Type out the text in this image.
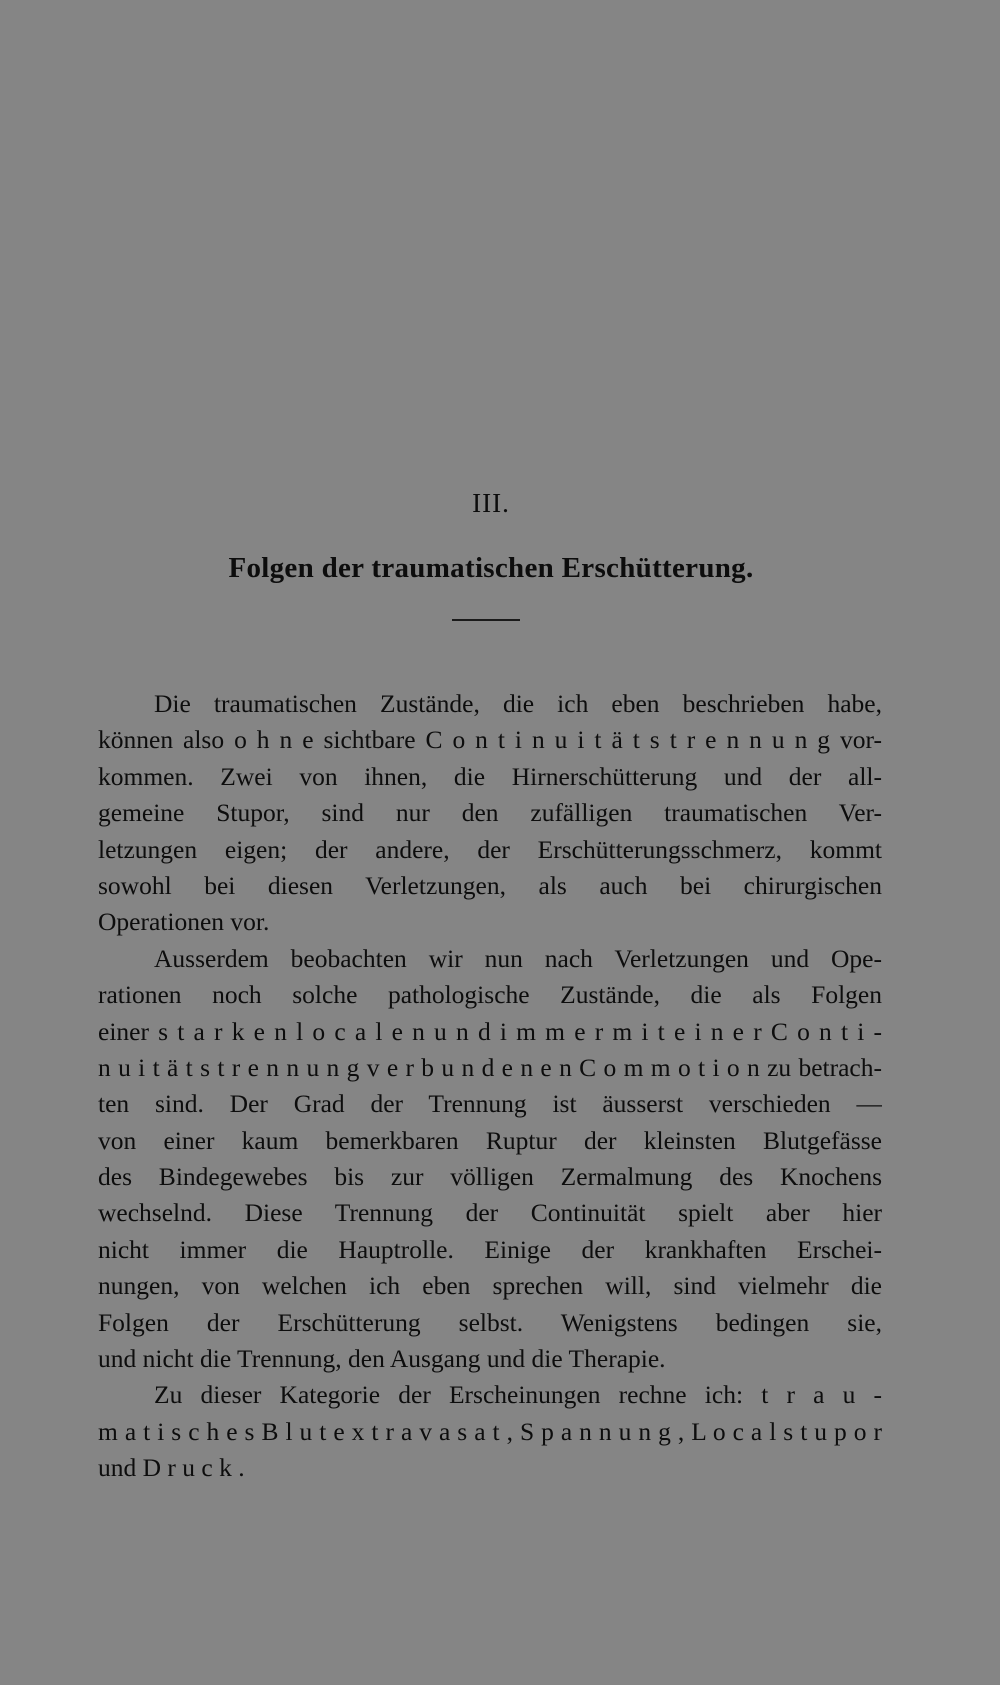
III.
Folgen der traumatischen Erschütterung.
Die traumatischen Zustände, die ich eben beschrieben habe,
können also o h n e sichtbare C o n t i n u i t ä t s t r e n n u n g vor-
kommen. Zwei von ihnen, die Hirnerschütterung und der all-
gemeine Stupor, sind nur den zufälligen traumatischen Ver-
letzungen eigen; der andere, der Erschütterungsschmerz, kommt
sowohl bei diesen Verletzungen, als auch bei chirurgischen
Operationen vor.
Ausserdem beobachten wir nun nach Verletzungen und Ope-
rationen noch solche pathologische Zustände, die als Folgen
einer s t a r k e n l o c a l e n u n d i m m e r m i t e i n e r C o n t i -
n u i t ä t s t r e n n u n g v e r b u n d e n e n C o m m o t i o n zu betrach-
ten sind. Der Grad der Trennung ist äusserst verschieden —
von einer kaum bemerkbaren Ruptur der kleinsten Blutgefässe
des Bindegewebes bis zur völligen Zermalmung des Knochens
wechselnd. Diese Trennung der Continuität spielt aber hier
nicht immer die Hauptrolle. Einige der krankhaften Erschei-
nungen, von welchen ich eben sprechen will, sind vielmehr die
Folgen der Erschütterung selbst. Wenigstens bedingen sie,
und nicht die Trennung, den Ausgang und die Therapie.
Zu dieser Kategorie der Erscheinungen rechne ich: t r a u -
m a t i s c h e s B l u t e x t r a v a s a t , S p a n n u n g , L o c a l s t u p o r
und D r u c k .
